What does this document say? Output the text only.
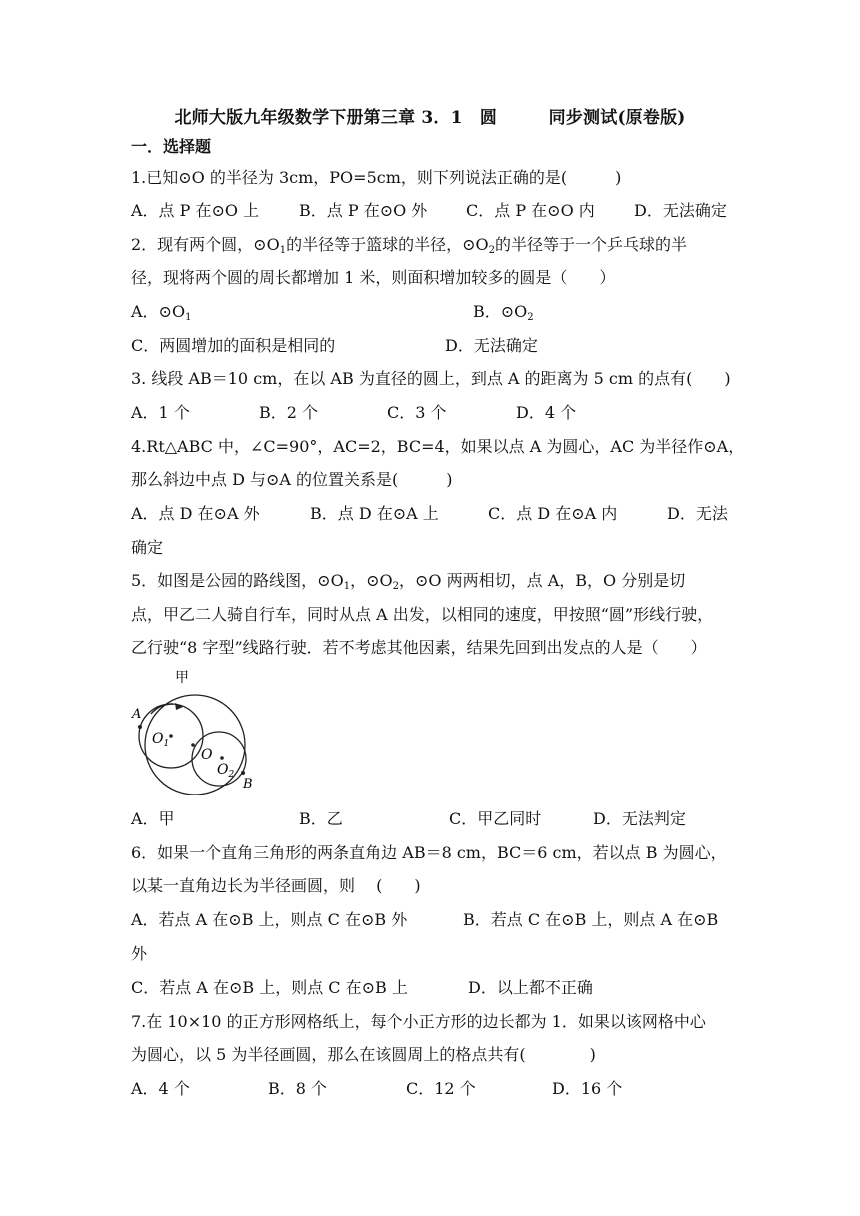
北师大版九年级数学下册第三章 3．1　圆　　　同步测试(原卷版)
一．选择题
1.已知⊙O 的半径为 3cm，PO=5cm，则下列说法正确的是(　　　)
A．点 P 在⊙O 上 B．点 P 在⊙O 外 C．点 P 在⊙O 内 D．无法确定
2．现有两个圆，$⊙O_1$的半径等于篮球的半径，$⊙O_2$的半径等于一个乒乓球的半
径，现将两个圆的周长都增加 1 米，则面积增加较多的圆是（　　）
A．$⊙O_1$	B．$⊙O_2$
C．两圆增加的面积是相同的	D．无法确定
3. 线段 AB＝10 cm，在以 AB 为直径的圆上，到点 A 的距离为 5 cm 的点有(　　)
A．1 个	B．2 个	C．3 个	D．4 个
4.Rt△ABC 中，∠C=90°，AC=2，BC=4，如果以点 A 为圆心，AC 为半径作⊙A，
那么斜边中点 D 与⊙A 的位置关系是(　　　)
A．点 D 在⊙A 外	B．点 D 在⊙A 上	C．点 D 在⊙A 内	D．无法
确定
5．如图是公园的路线图，$⊙O_1$，$⊙O_2$，⊙O 两两相切，点 A，B，O 分别是切
点，甲乙二人骑自行车，同时从点 A 出发，以相同的速度，甲按照“圆”形线行驶，
乙行驶“8 字型”线路行驶．若不考虑其他因素，结果先回到出发点的人是（　　）
甲
A
$O_1$
O
$O_2$
B
A．甲	B．乙	C．甲乙同时	D．无法判定
6．如果一个直角三角形的两条直角边 AB＝8 cm，BC＝6 cm，若以点 B 为圆心，
以某一直角边长为半径画圆，则　 (　　)
A．若点 A 在⊙B 上，则点 C 在⊙B 外	B．若点 C 在⊙B 上，则点 A 在⊙B
外
C．若点 A 在⊙B 上，则点 C 在⊙B 上	D．以上都不正确
7.在 10×10 的正方形网格纸上，每个小正方形的边长都为 1．如果以该网格中心
为圆心，以 5 为半径画圆，那么在该圆周上的格点共有(　　　　)
A．4 个	B．8 个	C．12 个	D．16 个
